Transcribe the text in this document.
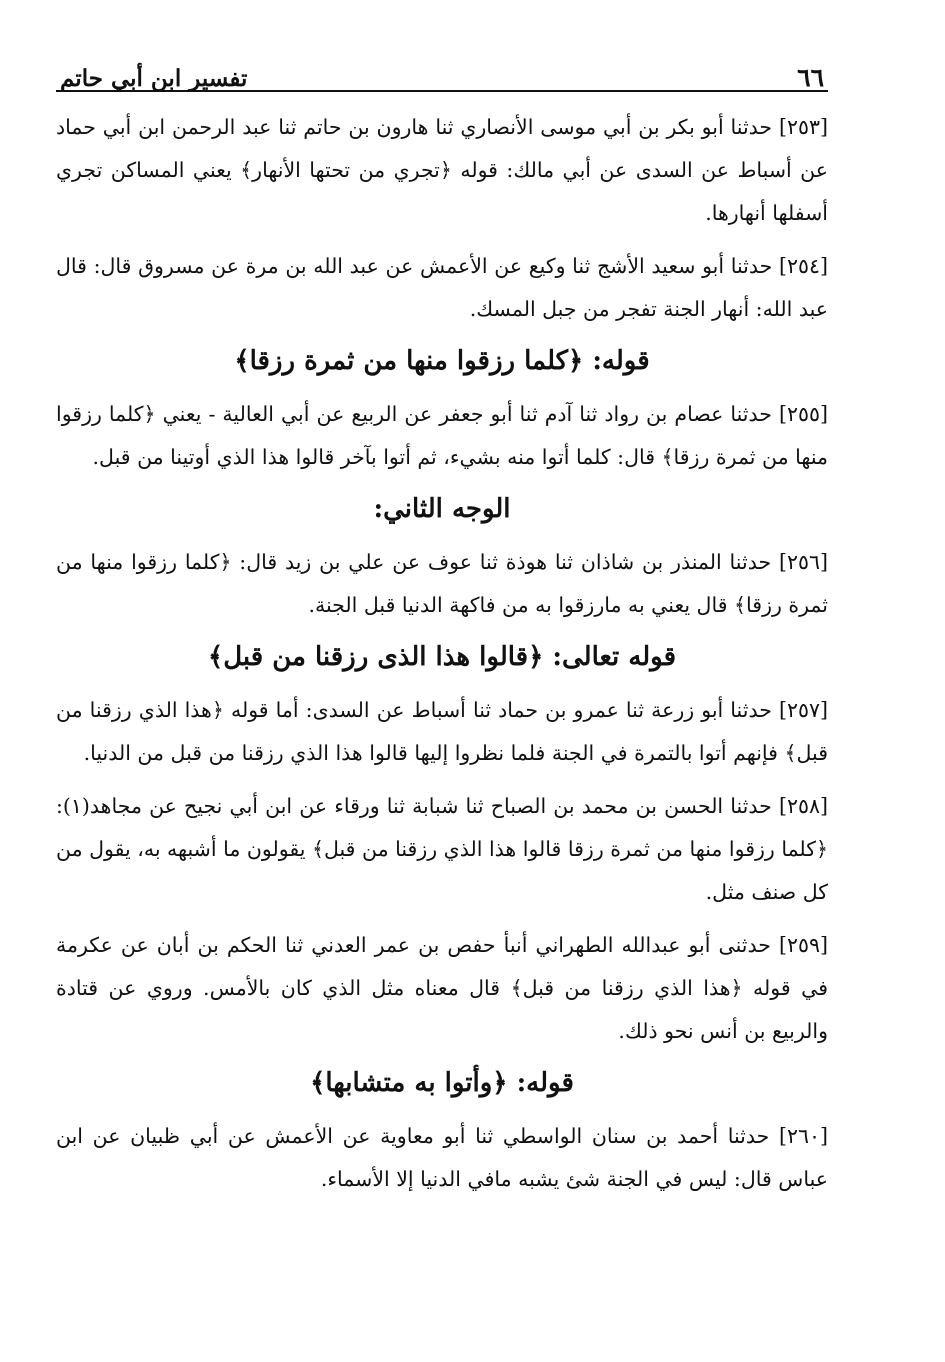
٦٦
تفسير ابن أبي حاتم

[٢٥٣] حدثنا أبو بكر بن أبي موسى الأنصاري ثنا هارون بن حاتم ثنا عبد الرحمن ابن أبي حماد عن أسباط عن السدى عن أبي مالك: قوله ﴿تجري من تحتها الأنهار﴾ يعني المساكن تجري أسفلها أنهارها.

[٢٥٤] حدثنا أبو سعيد الأشج ثنا وكيع عن الأعمش عن عبد الله بن مرة عن مسروق قال: قال عبد الله: أنهار الجنة تفجر من جبل المسك.

قوله: ﴿كلما رزقوا منها من ثمرة رزقا﴾

[٢٥٥] حدثنا عصام بن رواد ثنا آدم ثنا أبو جعفر عن الربيع عن أبي العالية - يعني ﴿كلما رزقوا منها من ثمرة رزقا﴾ قال: كلما أتوا منه بشيء، ثم أتوا بآخر قالوا هذا الذي أوتينا من قبل.

الوجه الثاني:

[٢٥٦] حدثنا المنذر بن شاذان ثنا هوذة ثنا عوف عن علي بن زيد قال: ﴿كلما رزقوا منها من ثمرة رزقا﴾ قال يعني به مارزقوا به من فاكهة الدنيا قبل الجنة.

قوله تعالى: ﴿قالوا هذا الذى رزقنا من قبل﴾

[٢٥٧] حدثنا أبو زرعة ثنا عمرو بن حماد ثنا أسباط عن السدى: أما قوله ﴿هذا الذي رزقنا من قبل﴾ فإنهم أتوا بالتمرة في الجنة فلما نظروا إليها قالوا هذا الذي رزقنا من قبل من الدنيا.

[٢٥٨] حدثنا الحسن بن محمد بن الصباح ثنا شبابة ثنا ورقاء عن ابن أبي نجيح عن مجاهد(١): ﴿كلما رزقوا منها من ثمرة رزقا قالوا هذا الذي رزقنا من قبل﴾ يقولون ما أشبهه به، يقول من كل صنف مثل.

[٢٥٩] حدثنى أبو عبدالله الطهراني أنبأ حفص بن عمر العدني ثنا الحكم بن أبان عن عكرمة في قوله ﴿هذا الذي رزقنا من قبل﴾ قال معناه مثل الذي كان بالأمس. وروي عن قتادة والربيع بن أنس نحو ذلك.

قوله: ﴿وأتوا به متشابها﴾

[٢٦٠] حدثنا أحمد بن سنان الواسطي ثنا أبو معاوية عن الأعمش عن أبي ظبيان عن ابن عباس قال: ليس في الجنة شئ يشبه مافي الدنيا إلا الأسماء.
